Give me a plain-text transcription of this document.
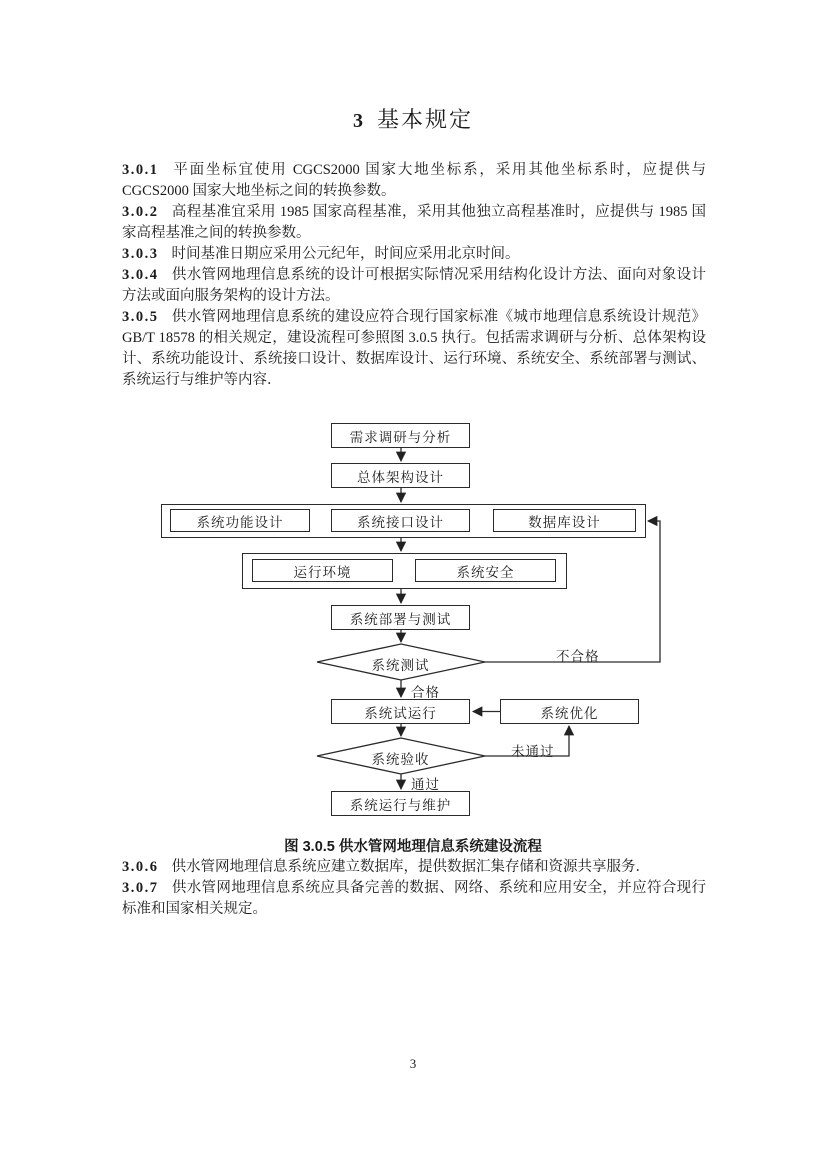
3 基本规定

3.0.1 平面坐标宜使用 CGCS2000 国家大地坐标系，采用其他坐标系时，应提供与 CGCS2000 国家大地坐标之间的转换参数。

3.0.2 高程基准宜采用 1985 国家高程基准，采用其他独立高程基准时，应提供与 1985 国家高程基准之间的转换参数。

3.0.3 时间基准日期应采用公元纪年，时间应采用北京时间。

3.0.4 供水管网地理信息系统的设计可根据实际情况采用结构化设计方法、面向对象设计方法或面向服务架构的设计方法。

3.0.5 供水管网地理信息系统的建设应符合现行国家标准《城市地理信息系统设计规范》GB/T 18578 的相关规定，建设流程可参照图 3.0.5 执行。包括需求调研与分析、总体架构设计、系统功能设计、系统接口设计、数据库设计、运行环境、系统安全、系统部署与测试、系统运行与维护等内容．

需求调研与分析
总体架构设计
系统功能设计	系统接口设计	数据库设计
运行环境	系统安全
系统部署与测试
系统试运行	系统优化
系统运行与维护
系统测试
系统验收
不合格
合格
未通过
通过
图 3.0.5 供水管网地理信息系统建设流程

3.0.6 供水管网地理信息系统应建立数据库，提供数据汇集存储和资源共享服务．

3.0.7 供水管网地理信息系统应具备完善的数据、网络、系统和应用安全，并应符合现行标准和国家相关规定。

3
